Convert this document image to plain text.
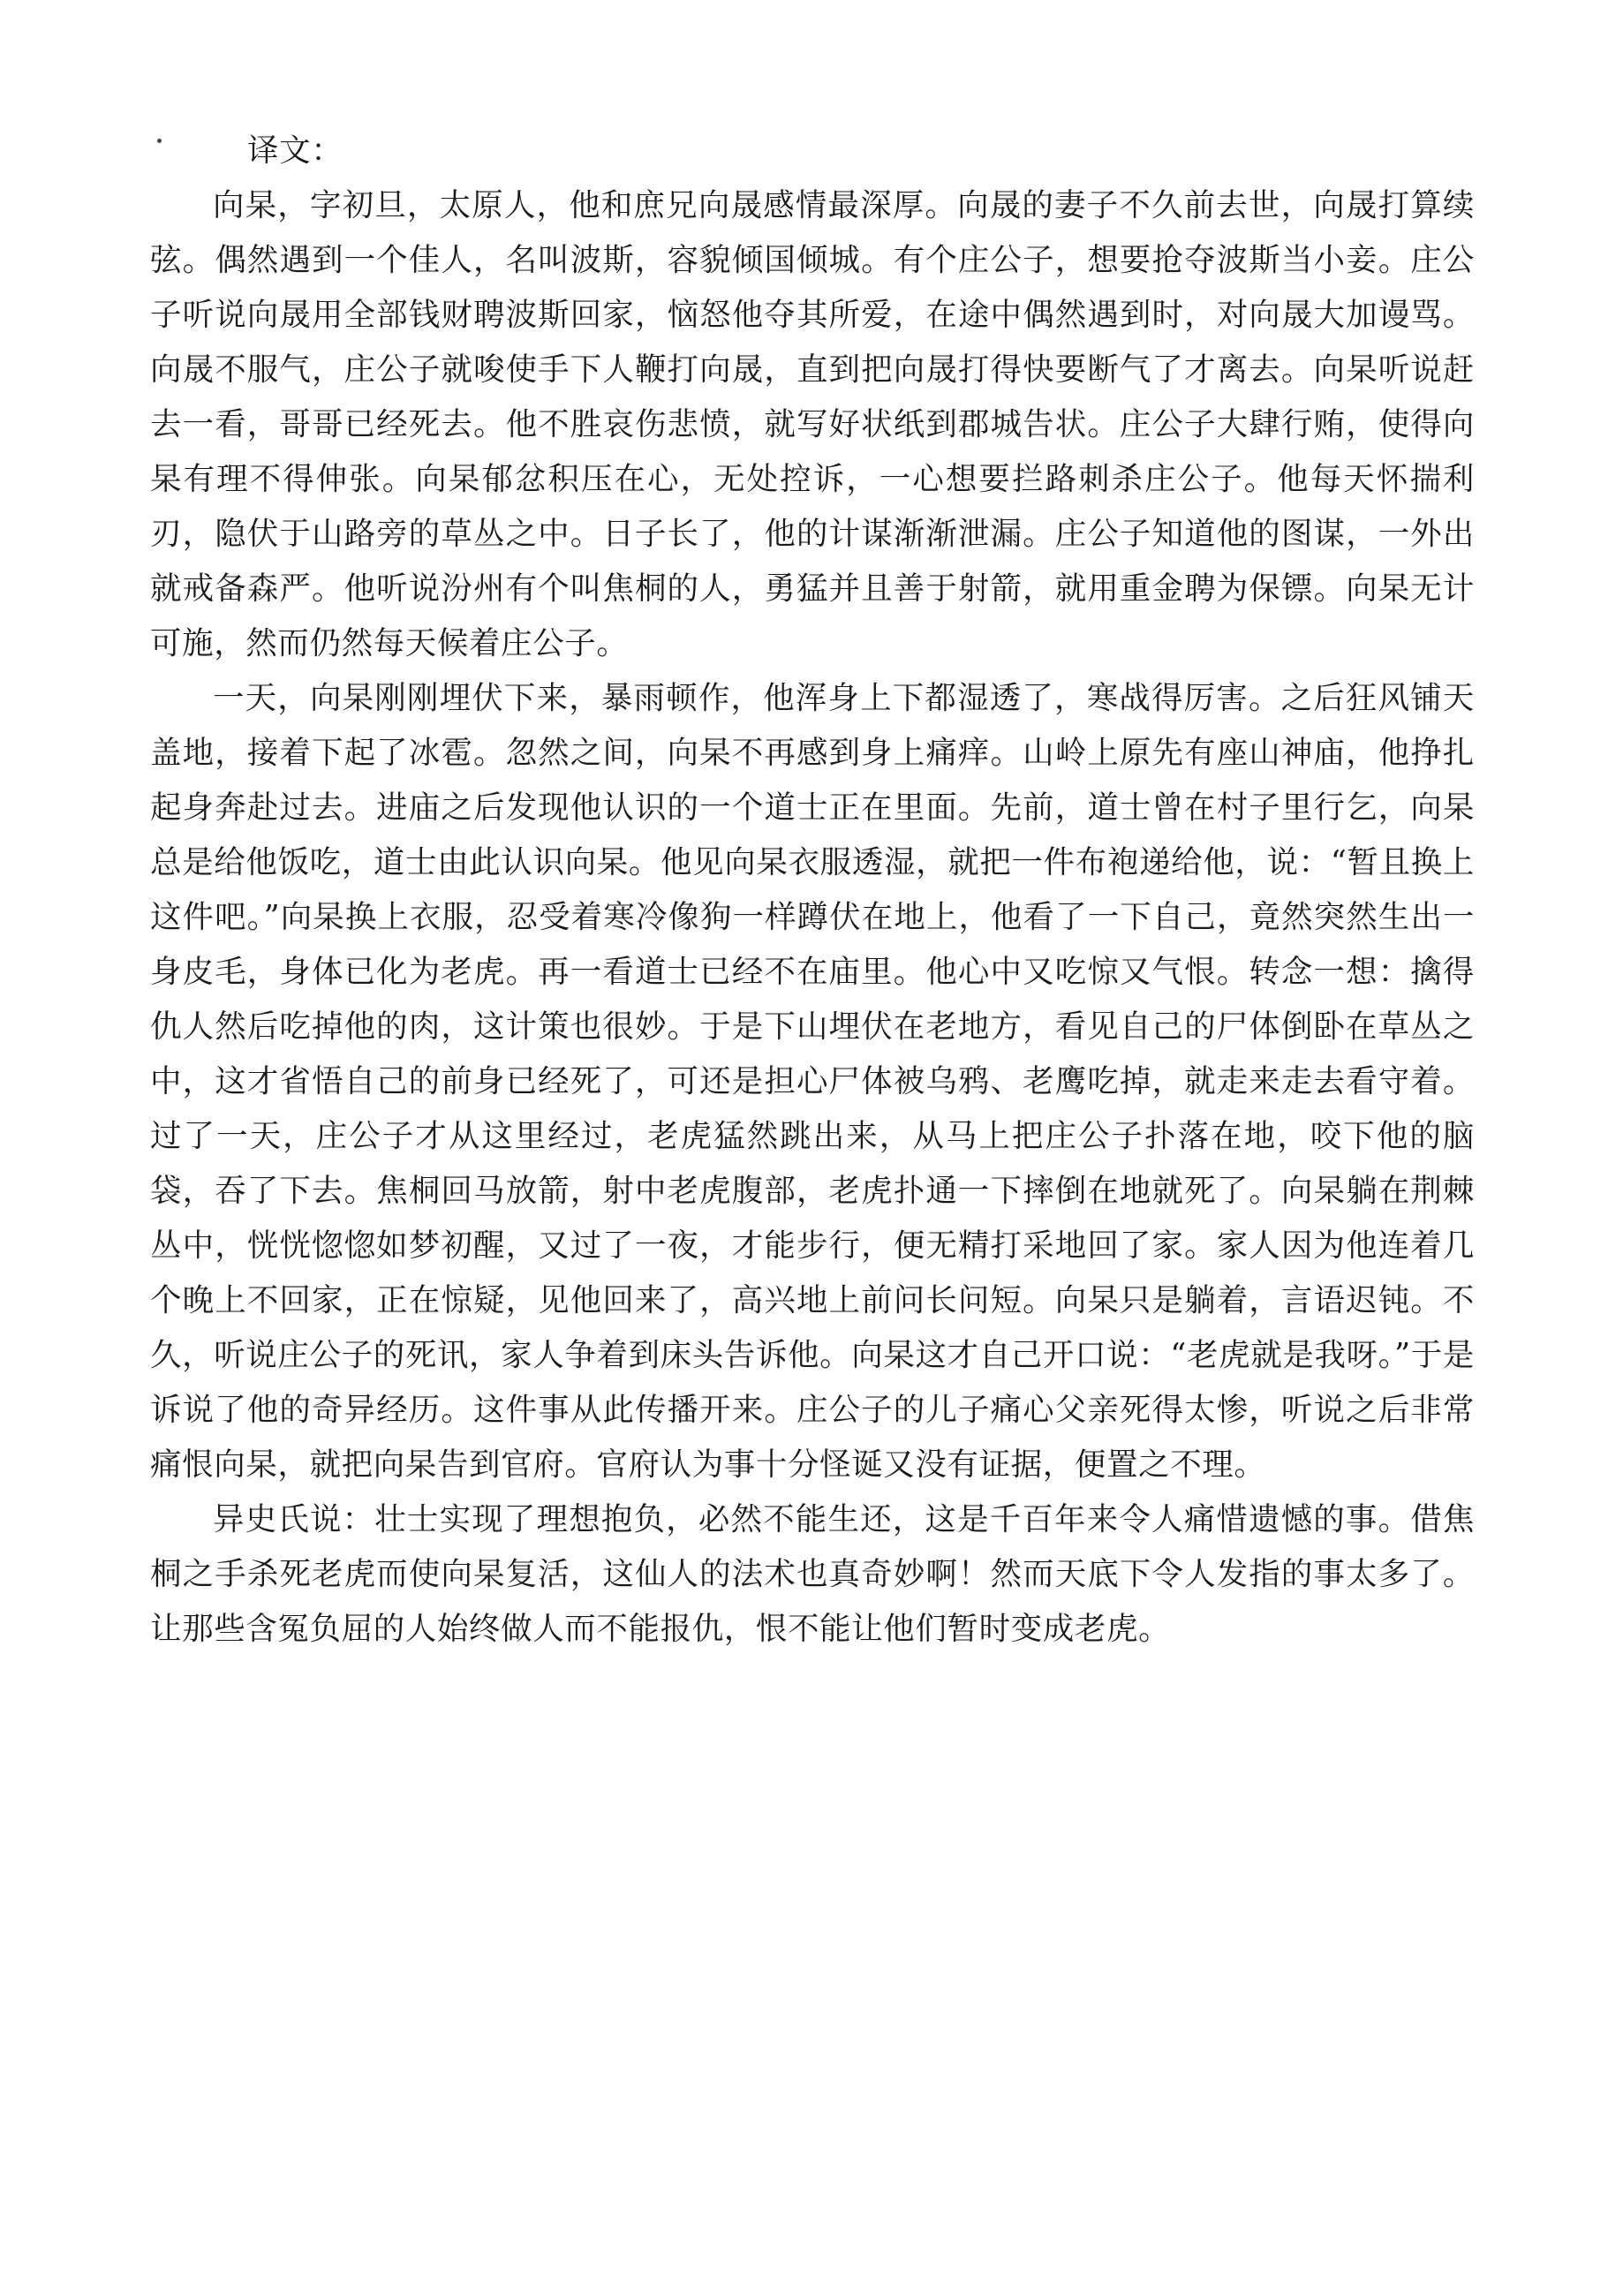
译文：

向杲，字初旦，太原人，他和庶兄向晟感情最深厚。向晟的妻子不久前去世，向晟打算续弦。偶然遇到一个佳人，名叫波斯，容貌倾国倾城。有个庄公子，想要抢夺波斯当小妾。庄公子听说向晟用全部钱财聘波斯回家，恼怒他夺其所爱，在途中偶然遇到时，对向晟大加谩骂。向晟不服气，庄公子就唆使手下人鞭打向晟，直到把向晟打得快要断气了才离去。向杲听说赶去一看，哥哥已经死去。他不胜哀伤悲愤，就写好状纸到郡城告状。庄公子大肆行贿，使得向杲有理不得伸张。向杲郁忿积压在心，无处控诉，一心想要拦路刺杀庄公子。他每天怀揣利刃，隐伏于山路旁的草丛之中。日子长了，他的计谋渐渐泄漏。庄公子知道他的图谋，一外出就戒备森严。他听说汾州有个叫焦桐的人，勇猛并且善于射箭，就用重金聘为保镖。向杲无计可施，然而仍然每天候着庄公子。

一天，向杲刚刚埋伏下来，暴雨顿作，他浑身上下都湿透了，寒战得厉害。之后狂风铺天盖地，接着下起了冰雹。忽然之间，向杲不再感到身上痛痒。山岭上原先有座山神庙，他挣扎起身奔赴过去。进庙之后发现他认识的一个道士正在里面。先前，道士曾在村子里行乞，向杲总是给他饭吃，道士由此认识向杲。他见向杲衣服透湿，就把一件布袍递给他，说：“暂且换上这件吧。”向杲换上衣服，忍受着寒冷像狗一样蹲伏在地上，他看了一下自己，竟然突然生出一身皮毛，身体已化为老虎。再一看道士已经不在庙里。他心中又吃惊又气恨。转念一想：擒得仇人然后吃掉他的肉，这计策也很妙。于是下山埋伏在老地方，看见自己的尸体倒卧在草丛之中，这才省悟自己的前身已经死了，可还是担心尸体被乌鸦、老鹰吃掉，就走来走去看守着。过了一天，庄公子才从这里经过，老虎猛然跳出来，从马上把庄公子扑落在地，咬下他的脑袋，吞了下去。焦桐回马放箭，射中老虎腹部，老虎扑通一下摔倒在地就死了。向杲躺在荆棘丛中，恍恍惚惚如梦初醒，又过了一夜，才能步行，便无精打采地回了家。家人因为他连着几个晚上不回家，正在惊疑，见他回来了，高兴地上前问长问短。向杲只是躺着，言语迟钝。不久，听说庄公子的死讯，家人争着到床头告诉他。向杲这才自己开口说：“老虎就是我呀。”于是诉说了他的奇异经历。这件事从此传播开来。庄公子的儿子痛心父亲死得太惨，听说之后非常痛恨向杲，就把向杲告到官府。官府认为事十分怪诞又没有证据，便置之不理。

异史氏说：壮士实现了理想抱负，必然不能生还，这是千百年来令人痛惜遗憾的事。借焦桐之手杀死老虎而使向杲复活，这仙人的法术也真奇妙啊！然而天底下令人发指的事太多了。让那些含冤负屈的人始终做人而不能报仇，恨不能让他们暂时变成老虎。
